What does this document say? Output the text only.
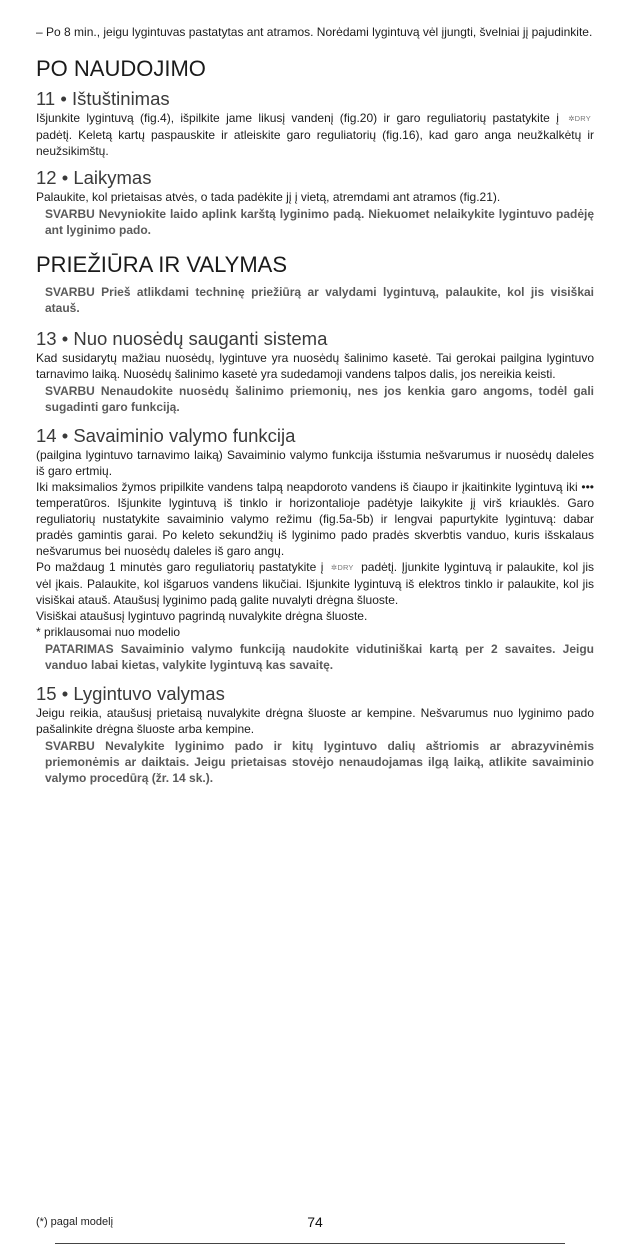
– Po 8 min., jeigu lygintuvas pastatytas ant atramos. Norėdami lygintuvą vėl įjungti, švelniai jį pajudinkite.

PO NAUDOJIMO
11 • Ištuštinimas

Išjunkite lygintuvą (fig.4), išpilkite jame likusį vandenį (fig.20) ir garo reguliatorių pastatykite į ✲DRY padėtį. Keletą kartų paspauskite ir atleiskite garo reguliatorių (fig.16), kad garo anga neužkalkėtų ir neužsikimštų.

12 • Laikymas

Palaukite, kol prietaisas atvės, o tada padėkite jį į vietą, atremdami ant atramos (fig.21).

SVARBU Nevyniokite laido aplink karštą lyginimo padą. Niekuomet nelaikykite lygintuvo padėję ant lyginimo pado.

PRIEŽIŪRA IR VALYMAS

SVARBU Prieš atlikdami techninę priežiūrą ar valydami lygintuvą, palaukite, kol jis visiškai atauš.

13 • Nuo nuosėdų sauganti sistema

Kad susidarytų mažiau nuosėdų, lygintuve yra nuosėdų šalinimo kasetė. Tai gerokai pailgina lygintuvo tarnavimo laiką. Nuosėdų šalinimo kasetė yra sudedamoji vandens talpos dalis, jos nereikia keisti.

SVARBU Nenaudokite nuosėdų šalinimo priemonių, nes jos kenkia garo angoms, todėl gali sugadinti garo funkciją.

14 • Savaiminio valymo funkcija

(pailgina lygintuvo tarnavimo laiką) Savaiminio valymo funkcija išstumia nešvarumus ir nuosėdų daleles iš garo ertmių.

Iki maksimalios žymos pripilkite vandens talpą neapdoroto vandens iš čiaupo ir įkaitinkite lygintuvą iki ••• temperatūros. Išjunkite lygintuvą iš tinklo ir horizontalioje padėtyje laikykite jį virš kriauklės. Garo reguliatorių nustatykite savaiminio valymo režimu (fig.5a-5b) ir lengvai papurtykite lygintuvą: dabar pradės gamintis garai. Po keleto sekundžių iš lyginimo pado pradės skverbtis vanduo, kuris išskalaus nešvarumus bei nuosėdų daleles iš garo angų.

Po maždaug 1 minutės garo reguliatorių pastatykite į ✲DRY padėtį. Įjunkite lygintuvą ir palaukite, kol jis vėl įkais. Palaukite, kol išgaruos vandens likučiai. Išjunkite lygintuvą iš elektros tinklo ir palaukite, kol jis visiškai atauš. Ataušusį lyginimo padą galite nuvalyti drėgna šluoste.

Visiškai ataušusį lygintuvo pagrindą nuvalykite drėgna šluoste.

* priklausomai nuo modelio

PATARIMAS Savaiminio valymo funkciją naudokite vidutiniškai kartą per 2 savaites. Jeigu vanduo labai kietas, valykite lygintuvą kas savaitę.

15 • Lygintuvo valymas

Jeigu reikia, ataušusį prietaisą nuvalykite drėgna šluoste ar kempine. Nešvarumus nuo lyginimo pado pašalinkite drėgna šluoste arba kempine.

SVARBU Nevalykite lyginimo pado ir kitų lygintuvo dalių aštriomis ar abrazyvinėmis priemonėmis ar daiktais. Jeigu prietaisas stovėjo nenaudojamas ilgą laiką, atlikite savaiminio valymo procedūrą (žr. 14 sk.).

(*) pagal modelį	74
